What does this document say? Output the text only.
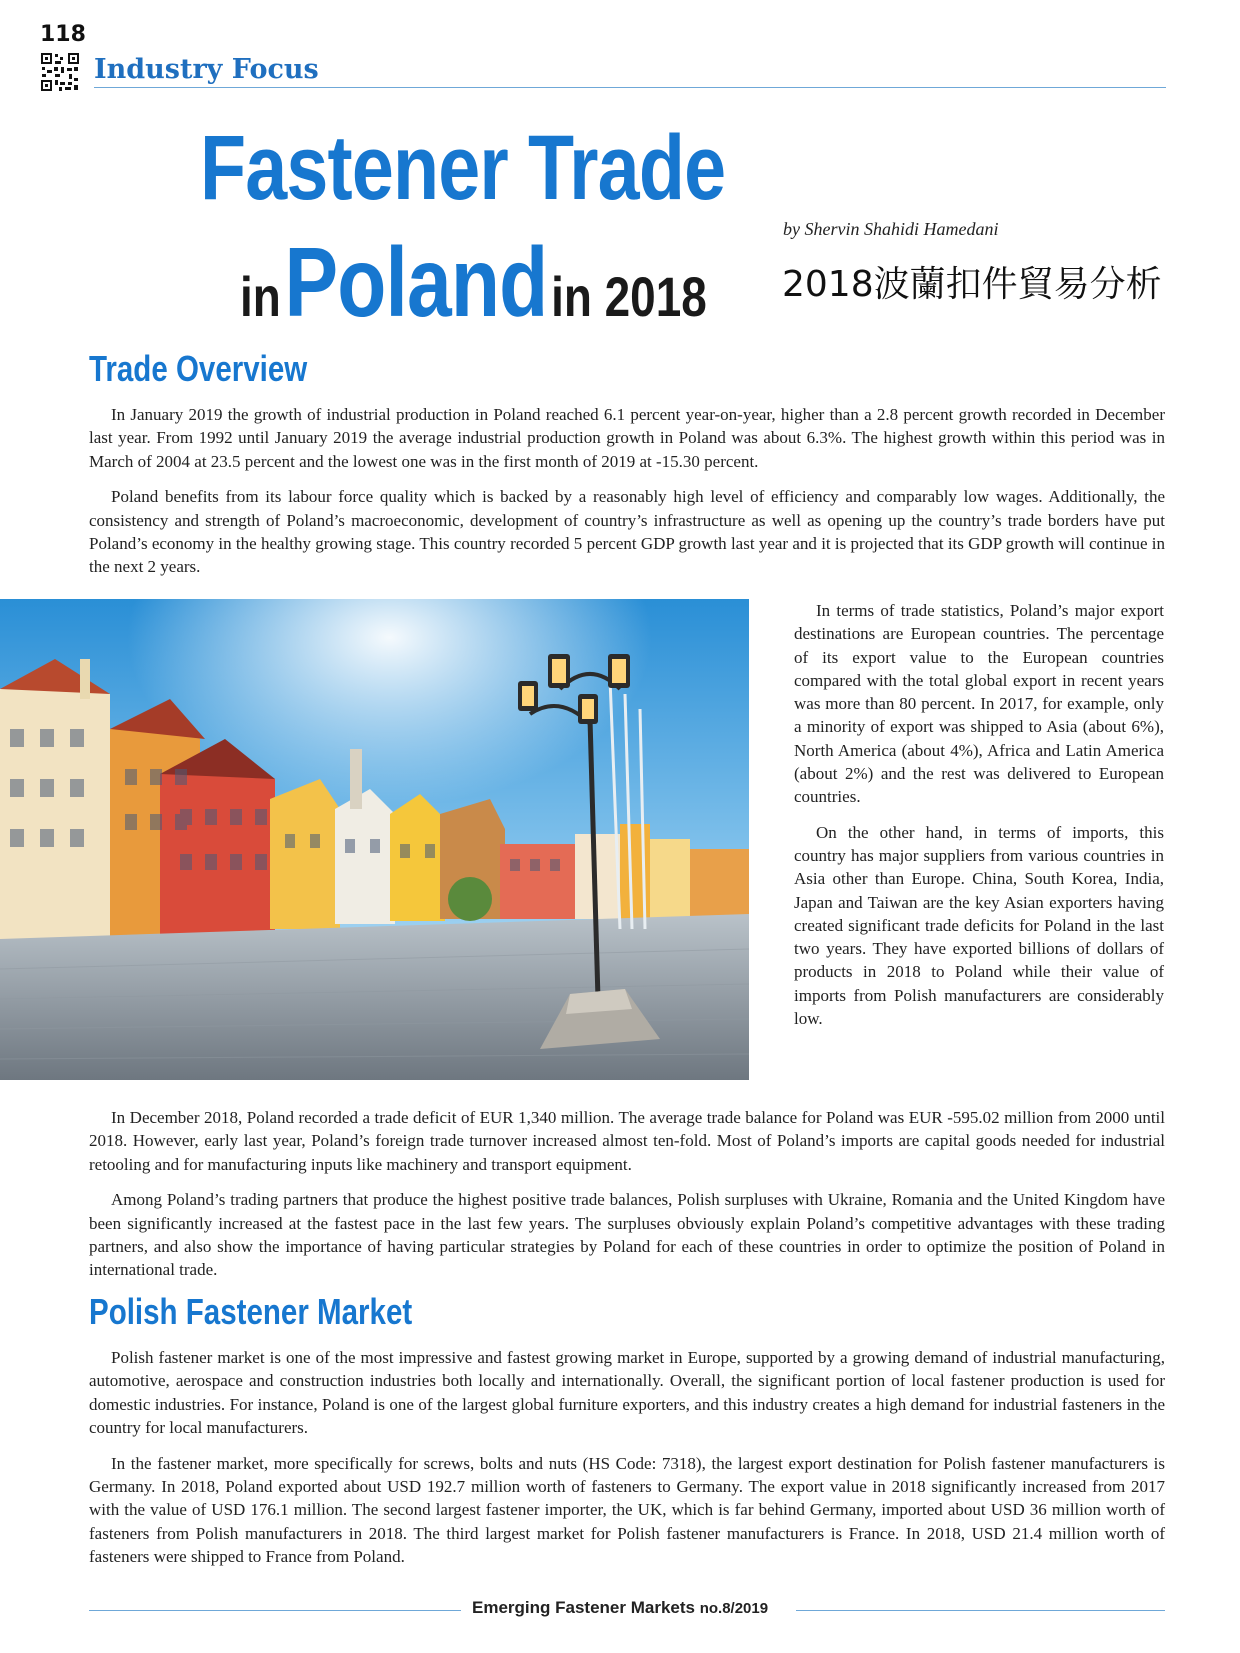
118
Industry Focus
Fastener Trade
in Poland in 2018
by Shervin Shahidi Hamedani
2018波蘭扣件貿易分析
Trade Overview

In January 2019 the growth of industrial production in Poland reached 6.1 percent year-on-year, higher than a 2.8 percent growth recorded in December last year. From 1992 until January 2019 the average industrial production growth in Poland was about 6.3%. The highest growth within this period was in March of 2004 at 23.5 percent and the lowest one was in the first month of 2019 at -15.30 percent.

Poland benefits from its labour force quality which is backed by a reasonably high level of efficiency and comparably low wages. Additionally, the consistency and strength of Poland’s macroeconomic, development of country’s infrastructure as well as opening up the country’s trade borders have put Poland’s economy in the healthy growing stage. This country recorded 5 percent GDP growth last year and it is projected that its GDP growth will continue in the next 2 years.

In terms of trade statistics, Poland’s major export destinations are European countries. The percentage of its export value to the European countries compared with the total global export in recent years was more than 80 percent. In 2017, for example, only a minority of export was shipped to Asia (about 6%), North America (about 4%), Africa and Latin America (about 2%) and the rest was delivered to European countries.

On the other hand, in terms of imports, this country has major suppliers from various countries in Asia other than Europe. China, South Korea, India, Japan and Taiwan are the key Asian exporters having created significant trade deficits for Poland in the last two years. They have exported billions of dollars of products in 2018 to Poland while their value of imports from Polish manufacturers are considerably low.

In December 2018, Poland recorded a trade deficit of EUR 1,340 million. The average trade balance for Poland was EUR -595.02 million from 2000 until 2018. However, early last year, Poland’s foreign trade turnover increased almost ten-fold. Most of Poland’s imports are capital goods needed for industrial retooling and for manufacturing inputs like machinery and transport equipment.

Among Poland’s trading partners that produce the highest positive trade balances, Polish surpluses with Ukraine, Romania and the United Kingdom have been significantly increased at the fastest pace in the last few years. The surpluses obviously explain Poland’s competitive advantages with these trading partners, and also show the importance of having particular strategies by Poland for each of these countries in order to optimize the position of Poland in international trade.

Polish Fastener Market

Polish fastener market is one of the most impressive and fastest growing market in Europe, supported by a growing demand of industrial manufacturing, automotive, aerospace and construction industries both locally and internationally. Overall, the significant portion of local fastener production is used for domestic industries. For instance, Poland is one of the largest global furniture exporters, and this industry creates a high demand for industrial fasteners in the country for local manufacturers.

In the fastener market, more specifically for screws, bolts and nuts (HS Code: 7318), the largest export destination for Polish fastener manufacturers is Germany. In 2018, Poland exported about USD 192.7 million worth of fasteners to Germany. The export value in 2018 significantly increased from 2017 with the value of USD 176.1 million. The second largest fastener importer, the UK, which is far behind Germany, imported about USD 36 million worth of fasteners from Polish manufacturers in 2018. The third largest market for Polish fastener manufacturers is France. In 2018, USD 21.4 million worth of fasteners were shipped to France from Poland.

Emerging Fastener Markets no.8/2019
